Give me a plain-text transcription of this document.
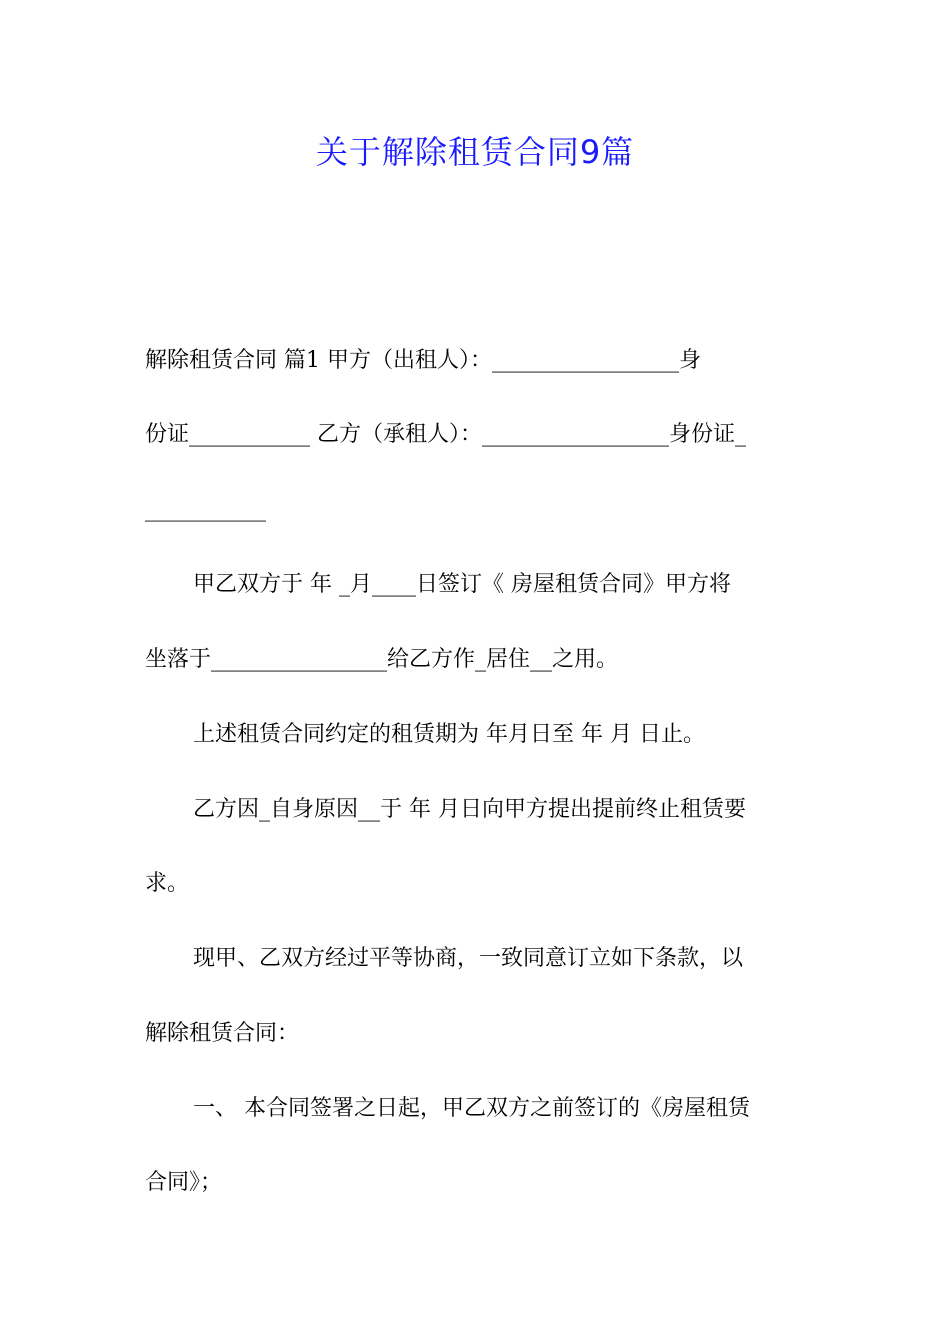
关于解除租赁合同9篇
解除租赁合同 篇1 甲方（出租人）：_________________身
份证___________ 乙方（承租人）：_________________身份证_
___________
甲乙双方于 年 _月____日签订《 房屋租赁合同》甲方将
坐落于________________给乙方作_居住__之用。
上述租赁合同约定的租赁期为 年月日至 年 月 日止。
乙方因_自身原因__于 年 月日向甲方提出提前终止租赁要
求。
现甲、乙双方经过平等协商，一致同意订立如下条款，以
解除租赁合同：
一、 本合同签署之日起，甲乙双方之前签订的《房屋租赁
合同》；
